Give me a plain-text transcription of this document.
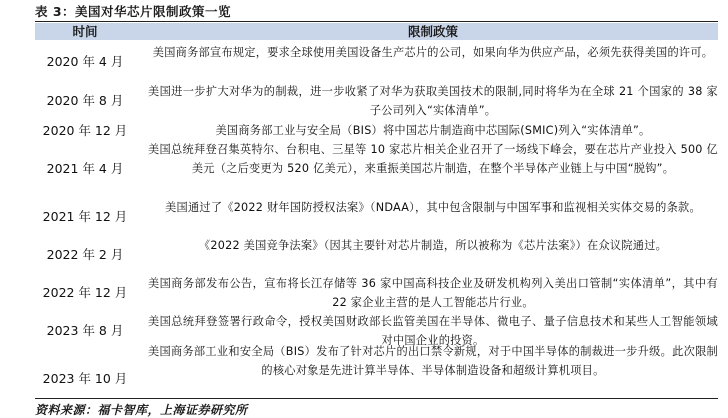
表 3：美国对华芯片限制政策一览
时间	限制政策
2020 年 4 月
美国商务部宣布规定，要求全球使用美国设备生产芯片的公司，如果向华为供应产品，必须先获得美国的许可。
2020 年 8 月
美国进一步扩大对华为的制裁，进一步收紧了对华为获取美国技术的限制,同时将华为在全球 21 个国家的 38 家子公司列入“实体清单”。
2020 年 12 月	美国商务部工业与安全局（BIS）将中国芯片制造商中芯国际(SMIC)列入“实体清单”。
2021 年 4 月
美国总统拜登召集英特尔、台积电、三星等 10 家芯片相关企业召开了一场线下峰会，要在芯片产业投入 500 亿美元（之后变更为 520 亿美元），来重振美国芯片制造，在整个半导体产业链上与中国“脱钩”。
2021 年 12 月
美国通过了《2022 财年国防授权法案》（NDAA），其中包含限制与中国军事和监视相关实体交易的条款。
2022 年 2 月
《2022 美国竞争法案》（因其主要针对芯片制造，所以被称为《芯片法案》）在众议院通过。
2022 年 12 月
美国商务部发布公告，宣布将长江存储等 36 家中国高科技企业及研发机构列入美出口管制“实体清单”，其中有 22 家企业主营的是人工智能芯片行业。
2023 年 8 月
美国总统拜登签署行政命令，授权美国财政部长监管美国在半导体、微电子、量子信息技术和某些人工智能领域对中国企业的投资。
2023 年 10 月
美国商务部工业和安全局（BIS）发布了针对芯片的出口禁令新规，对于中国半导体的制裁进一步升级。此次限制的核心对象是先进计算半导体、半导体制造设备和超级计算机项目。
资料来源：福卡智库，上海证券研究所
